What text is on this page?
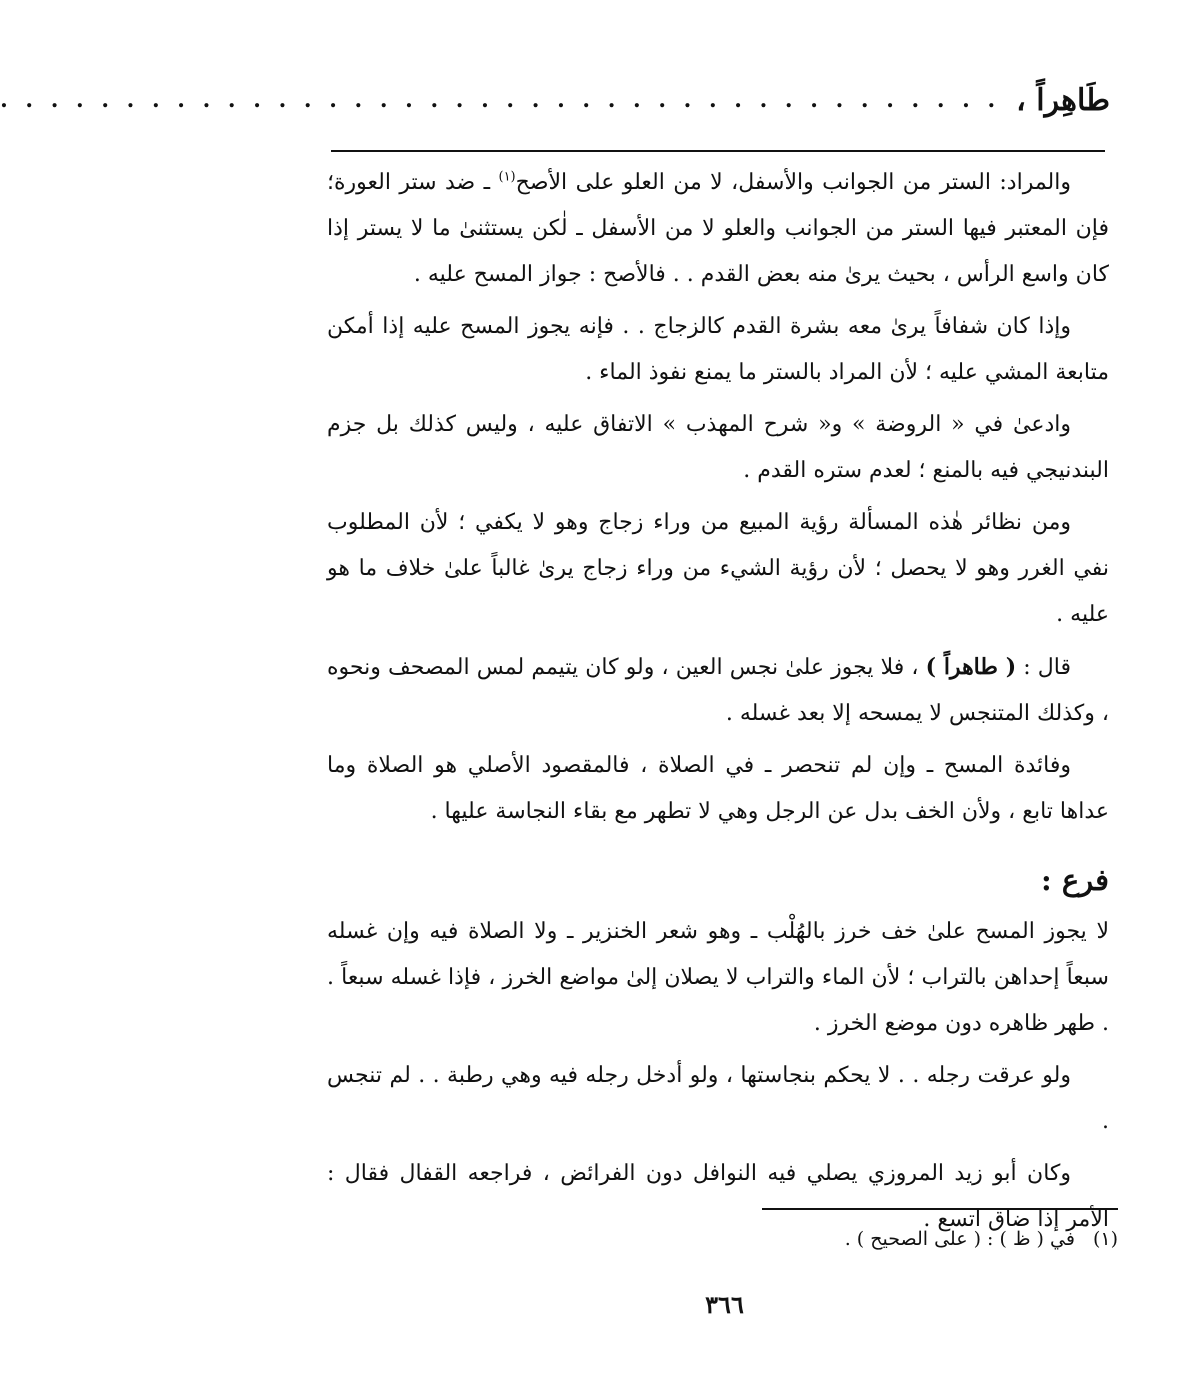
طَاهِراً ،
. . . . . . . . . . . . . . . . . . . . . . . . . . . . . . . . . . . . . . . .

والمراد: الستر من الجوانب والأسفل، لا من العلو على الأصح$^{(١)}$ ـ ضد ستر العورة؛ فإن المعتبر فيها الستر من الجوانب والعلو لا من الأسفل ـ لٰكن يستثنىٰ ما لا يستر إذا كان واسع الرأس ، بحيث يرىٰ منه بعض القدم . . فالأصح : جواز المسح عليه .

وإذا كان شفافاً يرىٰ معه بشرة القدم كالزجاج . . فإنه يجوز المسح عليه إذا أمكن متابعة المشي عليه ؛ لأن المراد بالستر ما يمنع نفوذ الماء .

وادعىٰ في « الروضة » و« شرح المهذب » الاتفاق عليه ، وليس كذلك بل جزم البندنيجي فيه بالمنع ؛ لعدم ستره القدم .

ومن نظائر هٰذه المسألة رؤية المبيع من وراء زجاج وهو لا يكفي ؛ لأن المطلوب نفي الغرر وهو لا يحصل ؛ لأن رؤية الشيء من وراء زجاج يرىٰ غالباً علىٰ خلاف ما هو عليه .

قال : ( طاهراً ) ، فلا يجوز علىٰ نجس العين ، ولو كان يتيمم لمس المصحف ونحوه ، وكذلك المتنجس لا يمسحه إلا بعد غسله .

وفائدة المسح ـ وإن لم تنحصر ـ في الصلاة ، فالمقصود الأصلي هو الصلاة وما عداها تابع ، ولأن الخف بدل عن الرجل وهي لا تطهر مع بقاء النجاسة عليها .

فرع :

لا يجوز المسح علىٰ خف خرز بالهُلْب ـ وهو شعر الخنزير ـ ولا الصلاة فيه وإن غسله سبعاً إحداهن بالتراب ؛ لأن الماء والتراب لا يصلان إلىٰ مواضع الخرز ، فإذا غسله سبعاً . . طهر ظاهره دون موضع الخرز .

ولو عرقت رجله . . لا يحكم بنجاستها ، ولو أدخل رجله فيه وهي رطبة . . لم تنجس .

وكان أبو زيد المروزي يصلي فيه النوافل دون الفرائض ، فراجعه القفال فقال : الأمر إذا ضاق اتسع .

(١)في ( ظ ) : ( على الصحيح ) .
٣٦٦
